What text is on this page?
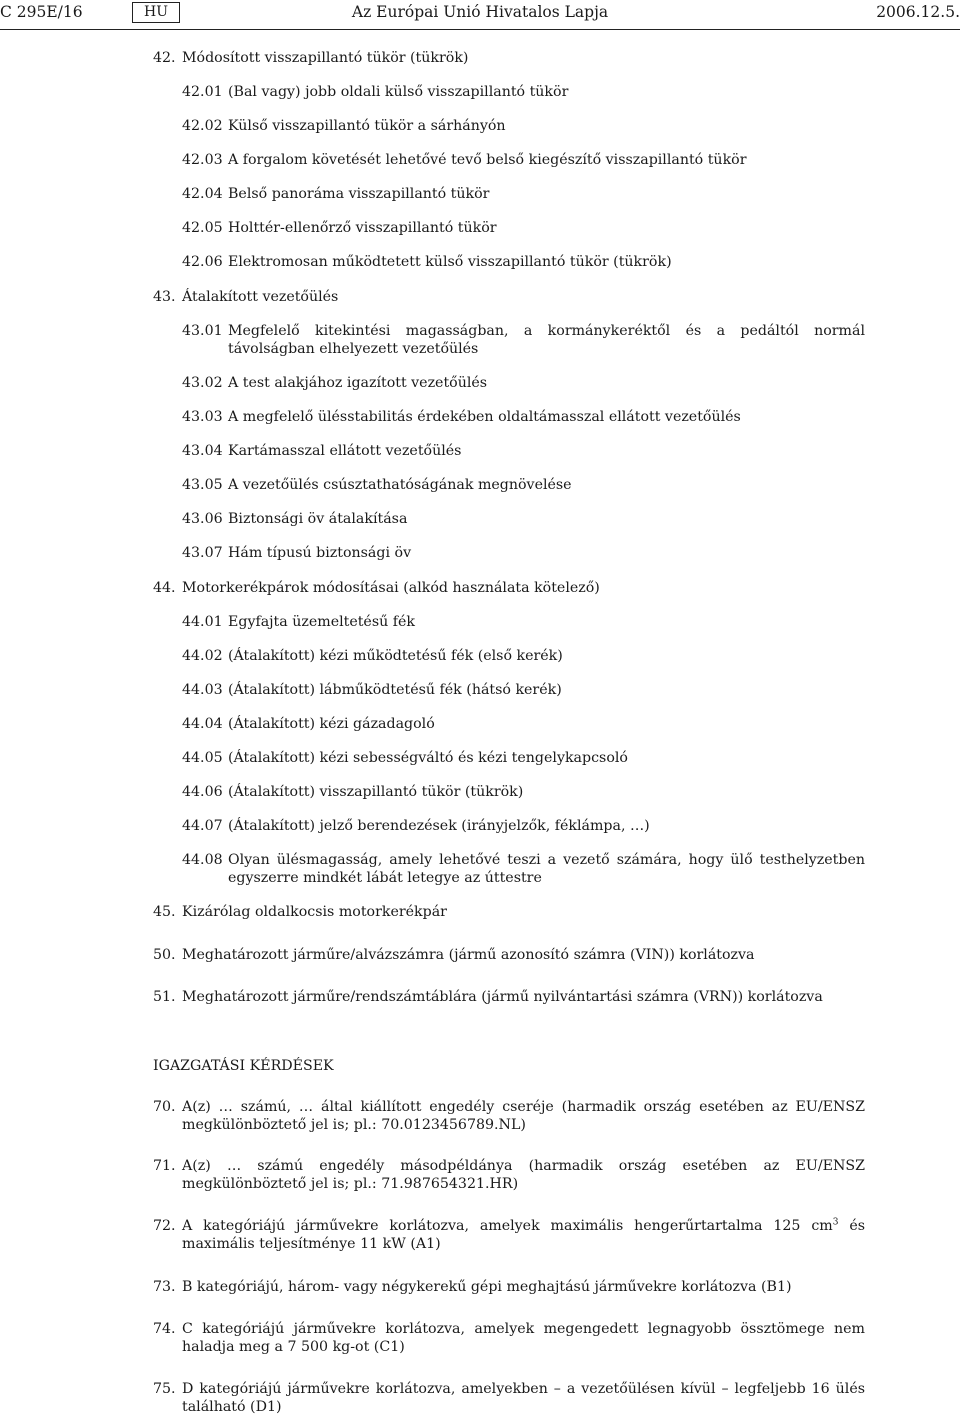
C 295E/16	HU	Az Európai Unió Hivatalos Lapja	2006.12.5.
42. Módosított visszapillantó tükör (tükrök)
42.01 (Bal vagy) jobb oldali külső visszapillantó tükör
42.02 Külső visszapillantó tükör a sárhányón
42.03 A forgalom követését lehetővé tevő belső kiegészítő visszapillantó tükör
42.04 Belső panoráma visszapillantó tükör
42.05 Holttér-ellenőrző visszapillantó tükör
42.06 Elektromosan működtetett külső visszapillantó tükör (tükrök)
43. Átalakított vezetőülés
43.01 Megfelelő kitekintési magasságban, a kormánykeréktől és a pedáltól normál távolságban elhelyezett vezetőülés
43.02 A test alakjához igazított vezetőülés
43.03 A megfelelő ülésstabilitás érdekében oldaltámasszal ellátott vezetőülés
43.04 Kartámasszal ellátott vezetőülés
43.05 A vezetőülés csúsztathatóságának megnövelése
43.06 Biztonsági öv átalakítása
43.07 Hám típusú biztonsági öv
44. Motorkerékpárok módosításai (alkód használata kötelező)
44.01 Egyfajta üzemeltetésű fék
44.02 (Átalakított) kézi működtetésű fék (első kerék)
44.03 (Átalakított) lábműködtetésű fék (hátsó kerék)
44.04 (Átalakított) kézi gázadagoló
44.05 (Átalakított) kézi sebességváltó és kézi tengelykapcsoló
44.06 (Átalakított) visszapillantó tükör (tükrök)
44.07 (Átalakított) jelző berendezések (irányjelzők, féklámpa, …)
44.08 Olyan ülésmagasság, amely lehetővé teszi a vezető számára, hogy ülő testhelyzetben egyszerre mindkét lábát letegye az úttestre
45. Kizárólag oldalkocsis motorkerékpár
50. Meghatározott járműre/alvázszámra (jármű azonosító számra (VIN)) korlátozva
51. Meghatározott járműre/rendszámtáblára (jármű nyilvántartási számra (VRN)) korlátozva
70. A(z) … számú, … által kiállított engedély cseréje (harmadik ország esetében az EU/ENSZ megkülönböztető jel is; pl.: 70.0123456789.NL)
71. A(z) … számú engedély másodpéldánya (harmadik ország esetében az EU/ENSZ megkülönböztető jel is; pl.: 71.987654321.HR)
72. A kategóriájú járművekre korlátozva, amelyek maximális hengerűrtartalma 125 $cm^3$ és maximális teljesítménye 11 kW (A1)
73. B kategóriájú, három- vagy négykerekű gépi meghajtású járművekre korlátozva (B1)
74. C kategóriájú járművekre korlátozva, amelyek megengedett legnagyobb össztömege nem haladja meg a 7 500 kg-ot (C1)
75. D kategóriájú járművekre korlátozva, amelyekben – a vezetőülésen kívül – legfeljebb 16 ülés található (D1)
IGAZGATÁSI KÉRDÉSEK
